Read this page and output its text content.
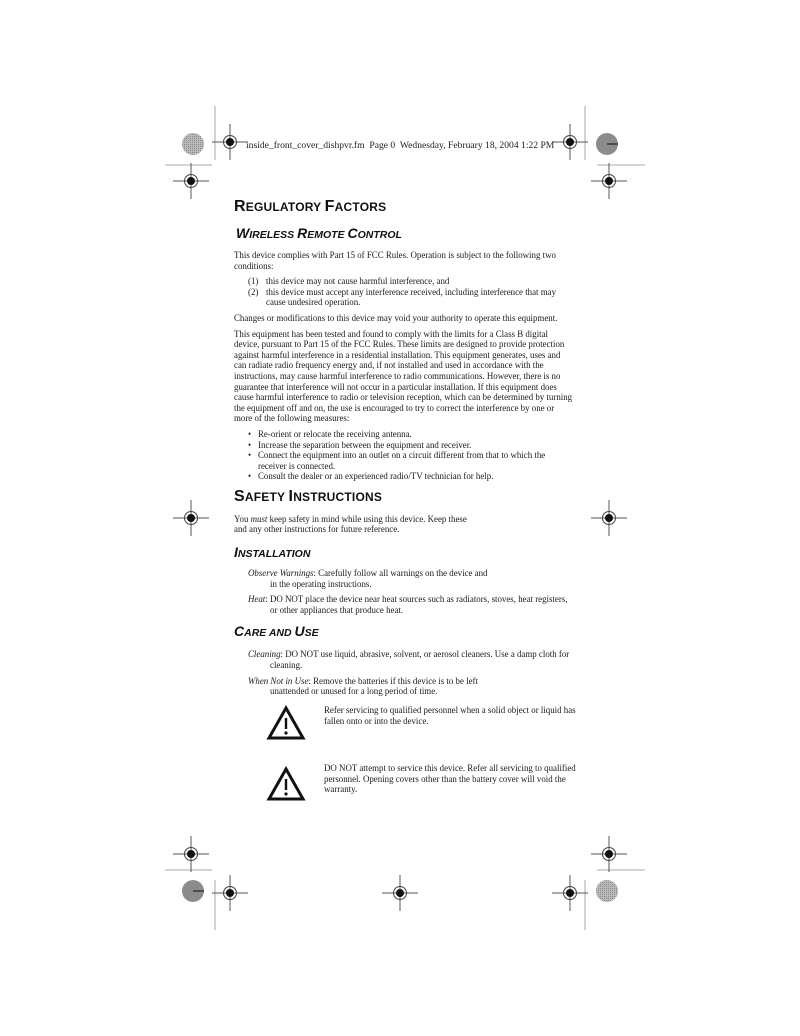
inside_front_cover_dishpvr.fm Page 0 Wednesday, February 18, 2004 1:22 PM
REGULATORY FACTORS
WIRELESS REMOTE CONTROL

This device complies with Part 15 of FCC Rules. Operation is subject to the following two conditions:

(1) this device may not cause harmful interference, and
(2) this device must accept any interference received, including interference that may cause undesired operation.

Changes or modifications to this device may void your authority to operate this equipment.

This equipment has been tested and found to comply with the limits for a Class B digital device, pursuant to Part 15 of the FCC Rules. These limits are designed to provide protection against harmful interference in a residential installation. This equipment generates, uses and can radiate radio frequency energy and, if not installed and used in accordance with the instructions, may cause harmful interference to radio communications. However, there is no guarantee that interference will not occur in a particular installation. If this equipment does cause harmful interference to radio or television reception, which can be determined by turning the equipment off and on, the use is encouraged to try to correct the interference by one or more of the following measures:

• Re-orient or relocate the receiving antenna.
• Increase the separation between the equipment and receiver.
• Connect the equipment into an outlet on a circuit different from that to which the receiver is connected.
• Consult the dealer or an experienced radio/TV technician for help.
SAFETY INSTRUCTIONS

You must keep safety in mind while using this device. Keep these and any other instructions for future reference.

INSTALLATION
Observe Warnings: Carefully follow all warnings on the device and in the operating instructions.
Heat: DO NOT place the device near heat sources such as radiators, stoves, heat registers, or other appliances that produce heat.
CARE AND USE
Cleaning: DO NOT use liquid, abrasive, solvent, or aerosol cleaners. Use a damp cloth for cleaning.
When Not in Use: Remove the batteries if this device is to be left unattended or unused for a long period of time.
Refer servicing to qualified personnel when a solid object or liquid has fallen onto or into the device.
DO NOT attempt to service this device. Refer all servicing to qualified personnel. Opening covers other than the battery cover will void the warranty.
